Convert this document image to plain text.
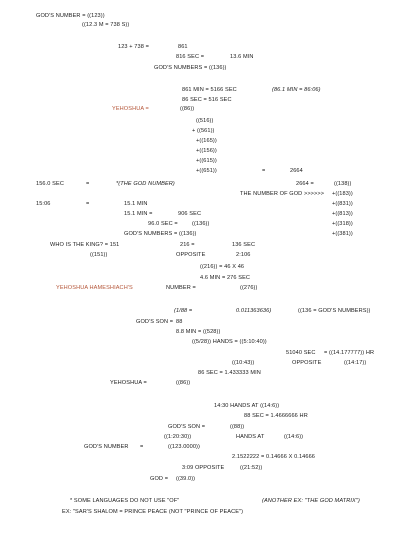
GOD'S NUMBER = ((123))
((12.3 M = 738 S))
123 + 738 =	861
816 SEC =	13.6 MIN
GOD'S NUMBERS = ((136))
861 MIN = 5166 SEC	(86.1 MIN = 86:06)
86 SEC = 516 SEC
YEHOSHUA =	((86))
((516))
+ ((561))
+((165))
+((156))
+((615))
+((651))	=	2664
156.0 SEC	=	*(THE GOD NUMBER)	2664 =	((138))
THE NUMBER OF GOD >>>>>> +((183))
15:06	=	15.1 MIN	+((831))
15.1 MIN =	906 SEC	+((813))
96.0 SEC =	((136))	+((318))
GOD'S NUMBERS = ((136))	+((381))
WHO IS THE KING? = 151	216 =	136 SEC
((151))	OPPOSITE	2:106
((216)) = 46 X 46
4.6 MIN = 276 SEC
YEHOSHUA HAMESHIACH'S	NUMBER =	((276))
(1/88 =	0.011363636)	((136 = GOD'S NUMBERS))
GOD'S SON = 88
8.8 MIN = ((528))
((5/28)) HANDS = ((5:10:40))
51040 SEC = ((14.177777)) HR
((10:43))	OPPOSITE	((14:17))
86 SEC = 1.433333 MIN
YEHOSHUA =	((86))
14:30 HANDS AT ((14:6))
88 SEC = 1.4666666 HR
GOD'S SON =	((88))
((1:20:30))	HANDS AT	((14:6))
GOD'S NUMBER =	((123.0000))
2.1522222 = 0.14666 X 0.14666
3:09 OPPOSITE	((21:52))
GOD = ((39.0))
* SOME LANGUAGES DO NOT USE "OF"	(ANOTHER EX: "THE GOD MATRIX")
EX: "SAR'S SHALOM = PRINCE PEACE (NOT "PRINCE OF PEACE")
